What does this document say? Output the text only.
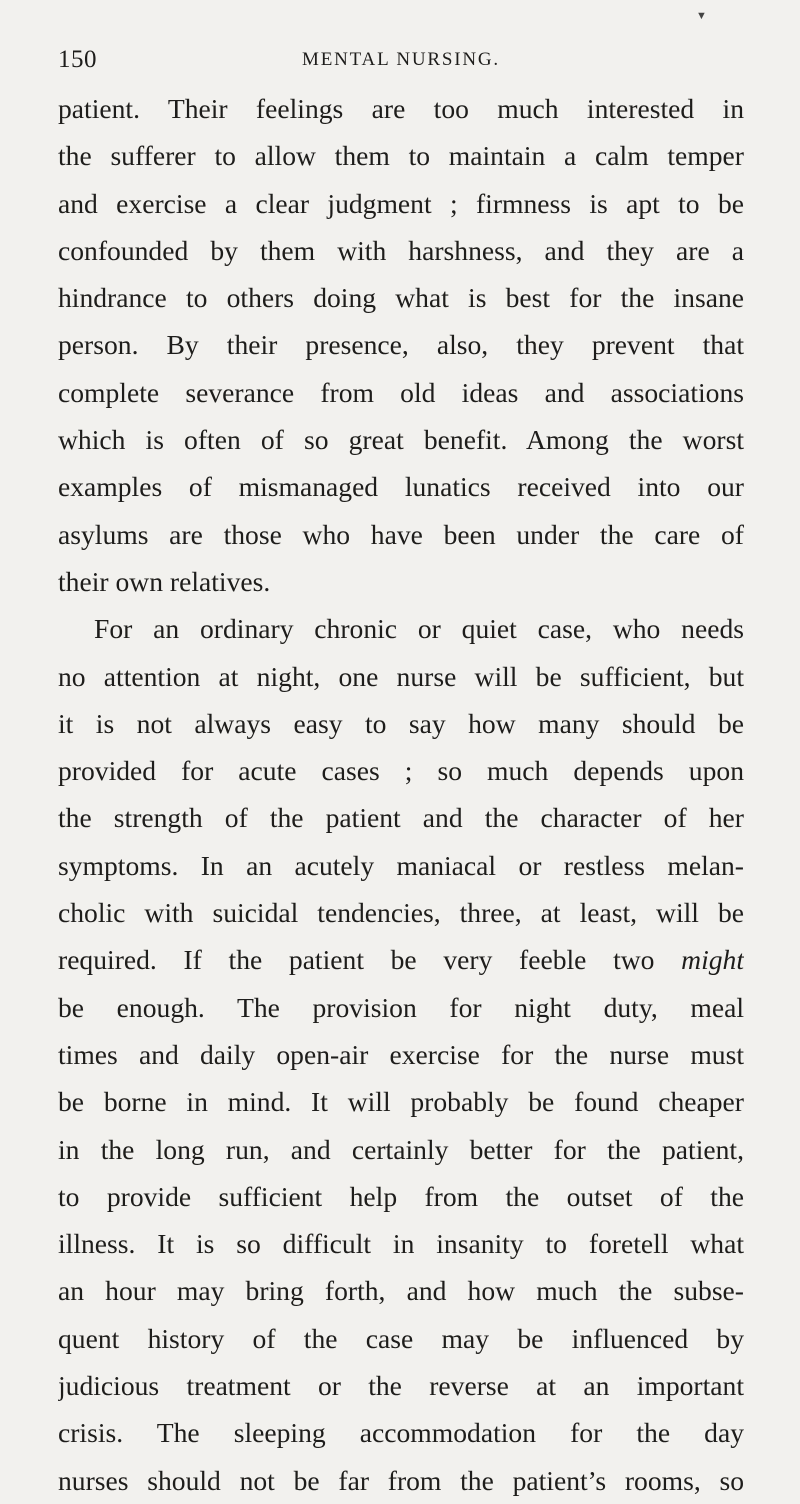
▼
150	MENTAL NURSING.
patient. Their feelings are too much interested in
the sufferer to allow them to maintain a calm temper
and exercise a clear judgment ; firmness is apt to be
confounded by them with harshness, and they are a
hindrance to others doing what is best for the insane
person. By their presence, also, they prevent that
complete severance from old ideas and associations
which is often of so great benefit. Among the worst
examples of mismanaged lunatics received into our
asylums are those who have been under the care of
their own relatives.
For an ordinary chronic or quiet case, who needs
no attention at night, one nurse will be sufficient, but
it is not always easy to say how many should be
provided for acute cases ; so much depends upon
the strength of the patient and the character of her
symptoms. In an acutely maniacal or restless melan-
cholic with suicidal tendencies, three, at least, will be
required. If the patient be very feeble two might
be enough. The provision for night duty, meal
times and daily open-air exercise for the nurse must
be borne in mind. It will probably be found cheaper
in the long run, and certainly better for the patient,
to provide sufficient help from the outset of the
illness. It is so difficult in insanity to foretell what
an hour may bring forth, and how much the subse-
quent history of the case may be influenced by
judicious treatment or the reverse at an important
crisis. The sleeping accommodation for the day
nurses should not be far from the patient’s rooms, so
